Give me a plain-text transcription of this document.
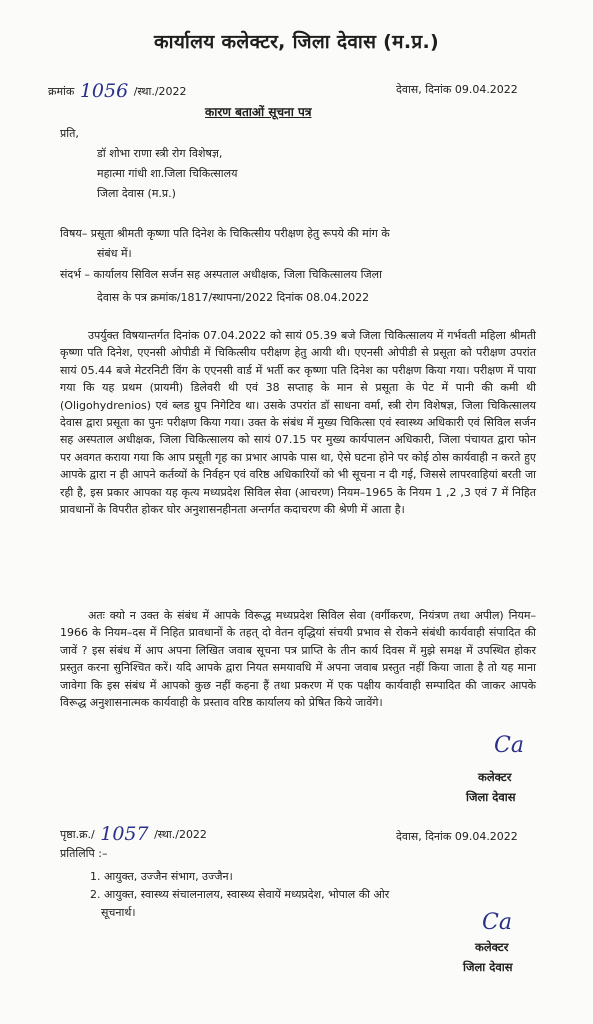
कार्यालय कलेक्टर, जिला देवास (म.प्र.)
क्रमांक 1056 /स्था./2022	देवास, दिनांक 09.04.2022
कारण बताओं सूचना पत्र
प्रति,
डॉ शोभा राणा स्त्री रोग विशेषज्ञ,
महात्मा गांधी शा.जिला चिकित्सालय
जिला देवास (म.प्र.)
विषय– प्रसूता श्रीमती कृष्णा पति दिनेश के चिकित्सीय परीक्षण हेतु रूपये की मांग के
संबंध में।
संदर्भ – कार्यालय सिविल सर्जन सह अस्पताल अधीक्षक, जिला चिकित्सालय जिला
देवास के पत्र क्रमांक/1817/स्थापना/2022 दिनांक 08.04.2022

उपर्युक्त विषयान्तर्गत दिनांक 07.04.2022 को सायं 05.39 बजे जिला चिकित्सालय में गर्भवती महिला श्रीमती कृष्णा पति दिनेश, एएनसी ओपीडी में चिकित्सीय परीक्षण हेतु आयी थी। एएनसी ओपीडी से प्रसूता को परीक्षण उपरांत सायं 05.44 बजे मेटरनिटी विंग के एएनसी वार्ड में भर्ती कर कृष्णा पति दिनेश का परीक्षण किया गया। परीक्षण में पाया गया कि यह प्रथम (प्रायमी) डिलेवरी थी एवं 38 सप्ताह के मान से प्रसूता के पेट में पानी की कमी थी (Oligohydrenios) एवं ब्लड ग्रुप निगेटिव था। उसके उपरांत डॉ साधना वर्मा, स्त्री रोग विशेषज्ञ, जिला चिकित्सालय देवास द्वारा प्रसूता का पुनः परीक्षण किया गया। उक्त के संबंध में मुख्य चिकित्सा एवं स्वास्थ्य अधिकारी एवं सिविल सर्जन सह अस्पताल अधीक्षक, जिला चिकित्सालय को सायं 07.15 पर मुख्य कार्यपालन अधिकारी, जिला पंचायत द्वारा फोन पर अवगत कराया गया कि आप प्रसूती गृह का प्रभार आपके पास था, ऐसे घटना होने पर कोई ठोस कार्यवाही न करते हुए आपके द्वारा न ही आपने कर्तव्यों के निर्वहन एवं वरिष्ठ अधिकारियों को भी सूचना न दी गई, जिससे लापरवाहियां बरती जा रही है, इस प्रकार आपका यह कृत्य मध्यप्रदेश सिविल सेवा (आचरण) नियम–1965 के नियम 1 ,2 ,3 एवं 7 में निहित प्रावधानों के विपरीत होकर घोर अनुशासनहीनता अन्तर्गत कदाचरण की श्रेणी में आता है।

अतः क्यो न उक्त के संबंध में आपके विरूद्ध मध्यप्रदेश सिविल सेवा (वर्गीकरण, नियंत्रण तथा अपील) नियम–1966 के नियम–दस में निहित प्रावधानों के तहत् दो वेतन वृद्धियां संचयी प्रभाव से रोकने संबंधी कार्यवाही संपादित की जावें ? इस संबंध में आप अपना लिखित जवाब सूचना पत्र प्राप्ति के तीन कार्य दिवस में मुझे समक्ष में उपस्थित होकर प्रस्तुत करना सुनिश्चित करें। यदि आपके द्वारा नियत समयावधि में अपना जवाब प्रस्तुत नहीं किया जाता है तो यह माना जावेगा कि इस संबंध में आपको कुछ नहीं कहना हैं तथा प्रकरण में एक पक्षीय कार्यवाही सम्पादित की जाकर आपके विरूद्ध अनुशासनात्मक कार्यवाही के प्रस्ताव वरिष्ठ कार्यालय को प्रेषित किये जावेंगे।

Ca
कलेक्टर
जिला देवास
पृष्ठा.क्र./ 1057 /स्था./2022	देवास, दिनांक 09.04.2022
प्रतिलिपि :–
1. आयुक्त, उज्जैन संभाग, उज्जैन।
2. आयुक्त, स्वास्थ्य संचालनालय, स्वास्थ्य सेवायें मध्यप्रदेश, भोपाल की ओर
सूचनार्थ।	Ca
कलेक्टर
जिला देवास
